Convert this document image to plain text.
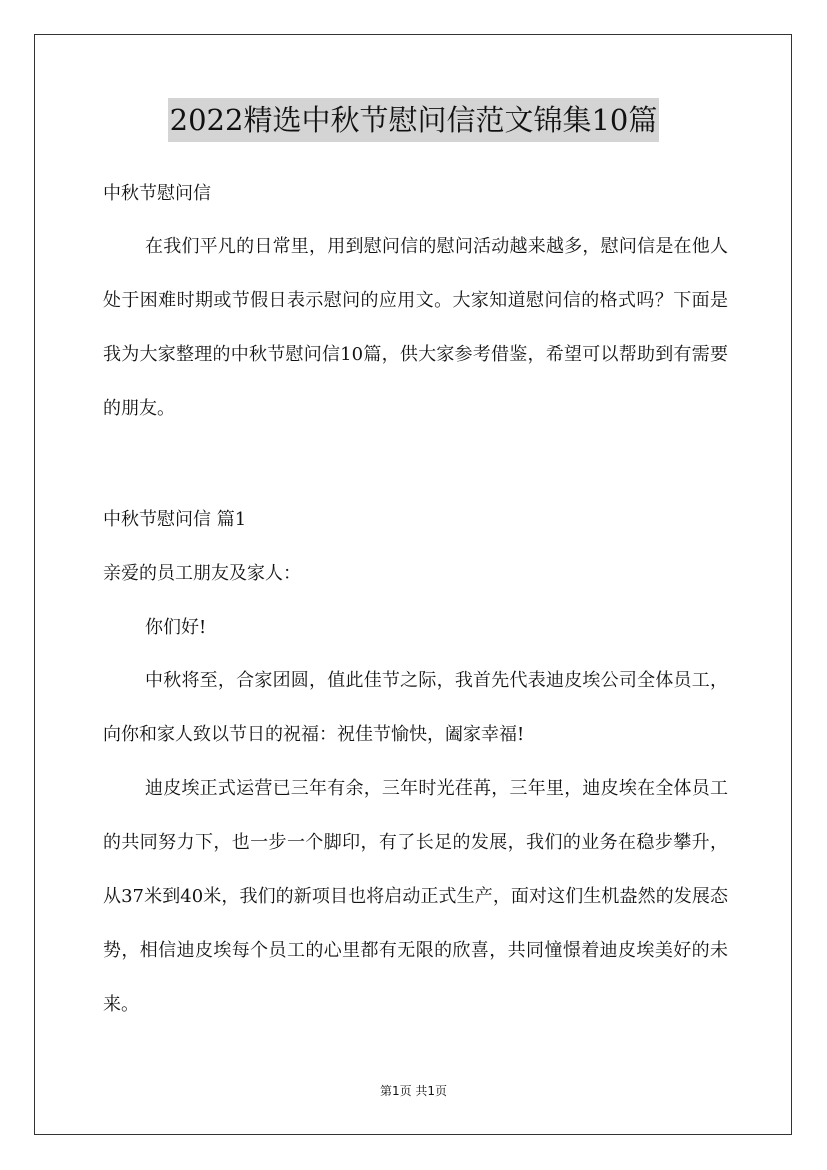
2022精选中秋节慰问信范文锦集10篇

中秋节慰问信

在我们平凡的日常里，用到慰问信的慰问活动越来越多，慰问信是在他人处于困难时期或节假日表示慰问的应用文。大家知道慰问信的格式吗？下面是我为大家整理的中秋节慰问信10篇，供大家参考借鉴，希望可以帮助到有需要的朋友。

中秋节慰问信 篇1

亲爱的员工朋友及家人：

你们好!

中秋将至，合家团圆，值此佳节之际，我首先代表迪皮埃公司全体员工，向你和家人致以节日的祝福：祝佳节愉快，阖家幸福!

迪皮埃正式运营已三年有余，三年时光荏苒，三年里，迪皮埃在全体员工的共同努力下，也一步一个脚印，有了长足的发展，我们的业务在稳步攀升，从37米到40米，我们的新项目也将启动正式生产，面对这们生机盎然的发展态势，相信迪皮埃每个员工的心里都有无限的欣喜，共同憧憬着迪皮埃美好的未来。

第1页 共1页
